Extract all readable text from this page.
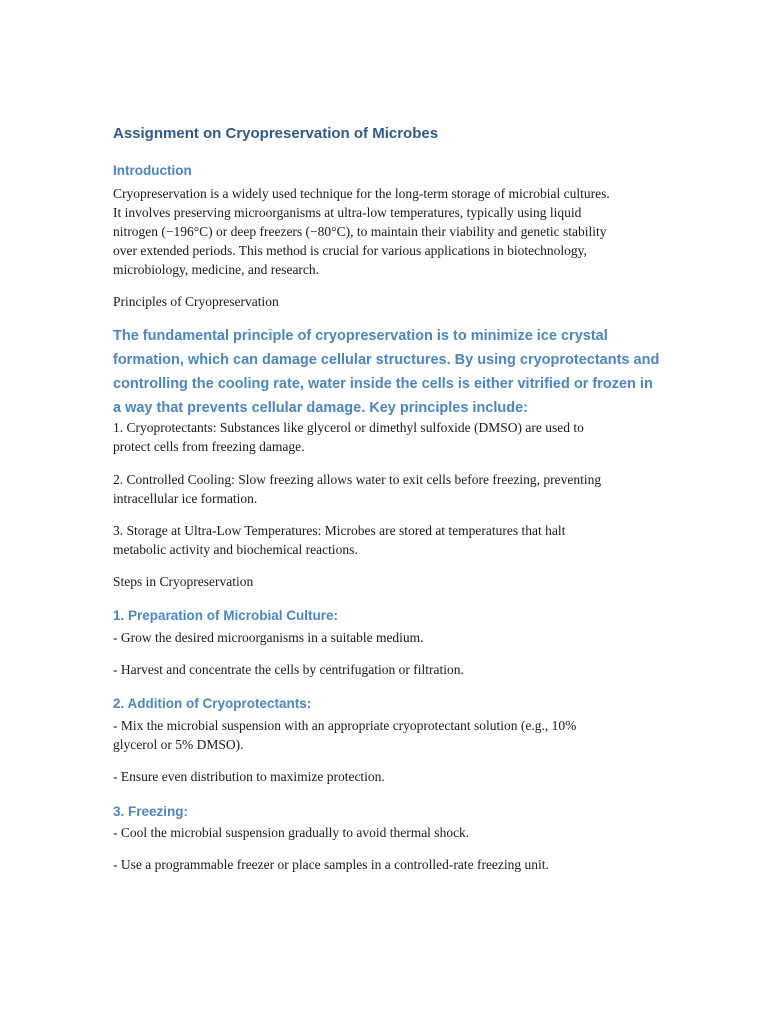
Assignment on Cryopreservation of Microbes

Introduction

Cryopreservation is a widely used technique for the long-term storage of microbial cultures.

It involves preserving microorganisms at ultra-low temperatures, typically using liquid

nitrogen (−196°C) or deep freezers (−80°C), to maintain their viability and genetic stability

over extended periods. This method is crucial for various applications in biotechnology,

microbiology, medicine, and research.

Principles of Cryopreservation

The fundamental principle of cryopreservation is to minimize ice crystal

formation, which can damage cellular structures. By using cryoprotectants and

controlling the cooling rate, water inside the cells is either vitrified or frozen in

a way that prevents cellular damage. Key principles include:

1. Cryoprotectants: Substances like glycerol or dimethyl sulfoxide (DMSO) are used to

protect cells from freezing damage.

2. Controlled Cooling: Slow freezing allows water to exit cells before freezing, preventing

intracellular ice formation.

3. Storage at Ultra-Low Temperatures: Microbes are stored at temperatures that halt

metabolic activity and biochemical reactions.

Steps in Cryopreservation

1. Preparation of Microbial Culture:

- Grow the desired microorganisms in a suitable medium.

- Harvest and concentrate the cells by centrifugation or filtration.

2. Addition of Cryoprotectants:

- Mix the microbial suspension with an appropriate cryoprotectant solution (e.g., 10%

glycerol or 5% DMSO).

- Ensure even distribution to maximize protection.

3. Freezing:

- Cool the microbial suspension gradually to avoid thermal shock.

- Use a programmable freezer or place samples in a controlled-rate freezing unit.
